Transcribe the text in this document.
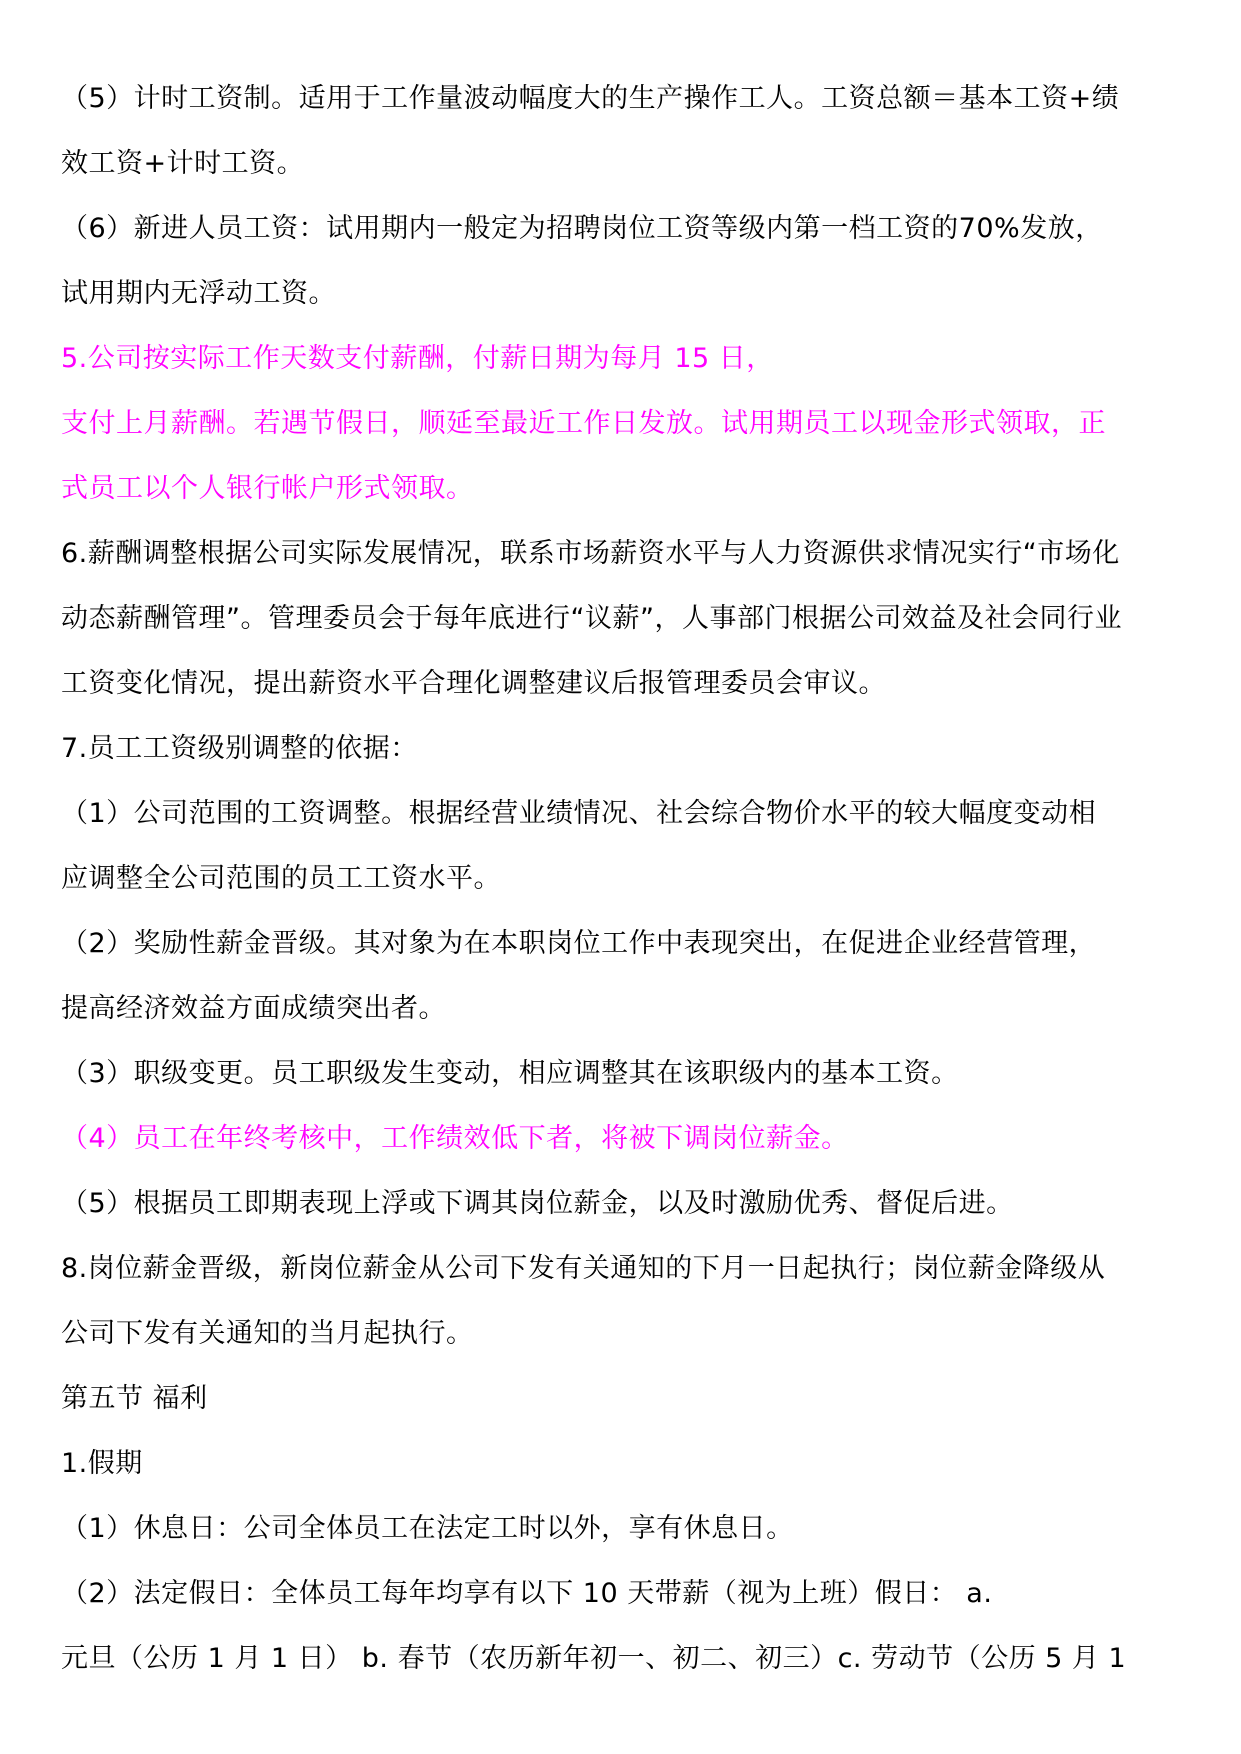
（5）计时工资制。适用于工作量波动幅度大的生产操作工人。工资总额＝基本工资+绩
效工资+计时工资。
（6）新进人员工资：试用期内一般定为招聘岗位工资等级内第一档工资的70%发放，
试用期内无浮动工资。
5.公司按实际工作天数支付薪酬，付薪日期为每月 15 日，
支付上月薪酬。若遇节假日，顺延至最近工作日发放。试用期员工以现金形式领取，正
式员工以个人银行帐户形式领取。
6.薪酬调整根据公司实际发展情况，联系市场薪资水平与人力资源供求情况实行“市场化
动态薪酬管理”。管理委员会于每年底进行“议薪”，人事部门根据公司效益及社会同行业
工资变化情况，提出薪资水平合理化调整建议后报管理委员会审议。
7.员工工资级别调整的依据：
（1）公司范围的工资调整。根据经营业绩情况、社会综合物价水平的较大幅度变动相
应调整全公司范围的员工工资水平。
（2）奖励性薪金晋级。其对象为在本职岗位工作中表现突出，在促进企业经营管理，
提高经济效益方面成绩突出者。
（3）职级变更。员工职级发生变动，相应调整其在该职级内的基本工资。
（4）员工在年终考核中，工作绩效低下者，将被下调岗位薪金。
（5）根据员工即期表现上浮或下调其岗位薪金，以及时激励优秀、督促后进。
8.岗位薪金晋级，新岗位薪金从公司下发有关通知的下月一日起执行；岗位薪金降级从
公司下发有关通知的当月起执行。
第五节 福利
1.假期
（1）休息日：公司全体员工在法定工时以外，享有休息日。
（2）法定假日：全体员工每年均享有以下 10 天带薪（视为上班）假日： a.
元旦（公历 1 月 1 日） b. 春节（农历新年初一、初二、初三）c. 劳动节（公历 5 月 1
